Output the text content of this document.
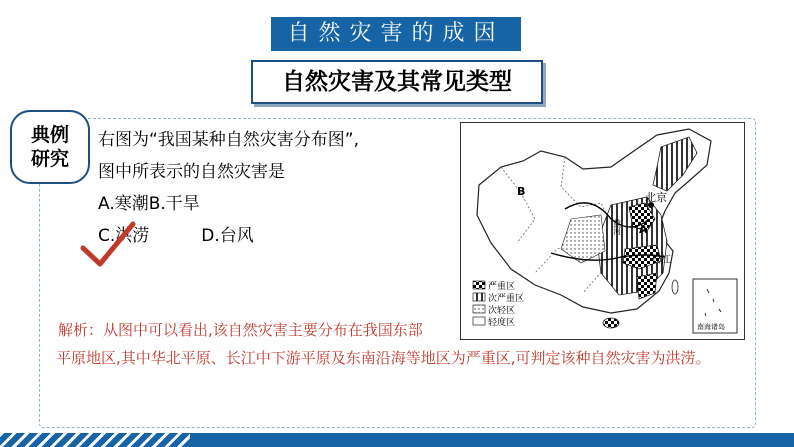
自然灾害的成因
自然灾害及其常见类型
典例
研究
右图为“我国某种自然灾害分布图”,
图中所表示的自然灾害是
A.寒潮B.干旱
C.洪涝	D.台风
B	北京
黄河 A
长江
严重区
次严重区
次轻区
轻度区	南海诸岛
解析：从图中可以看出,该自然灾害主要分布在我国东部
平原地区,其中华北平原、长江中下游平原及东南沿海等地区为严重区,可判定该种自然灾害为洪涝。
